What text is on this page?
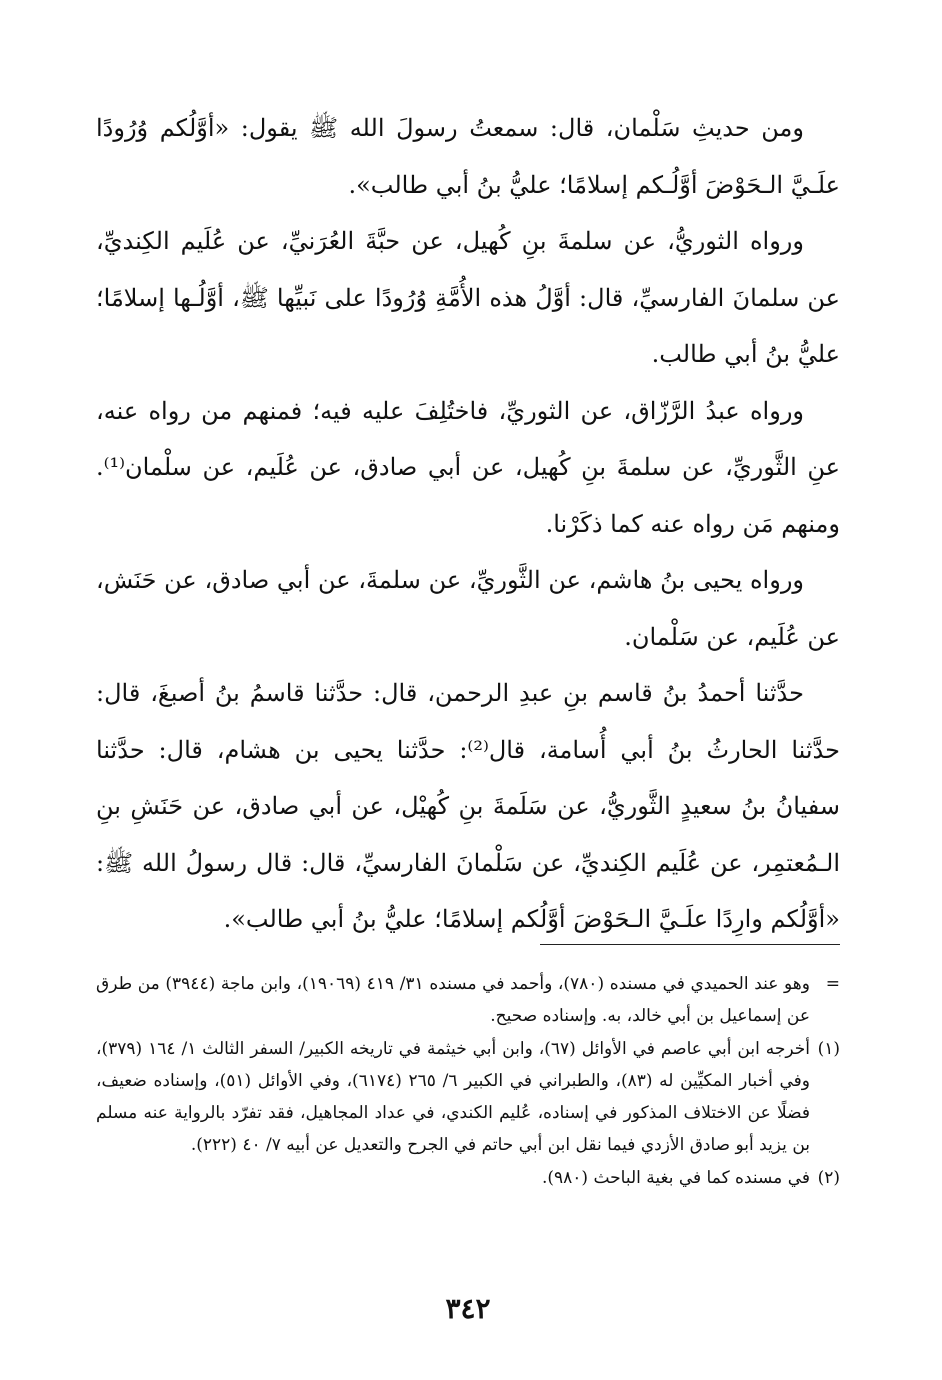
ومن حديثِ سَلْمان، قال: سمعتُ رسولَ الله ﷺ يقول: «أوَّلُكم وُرُودًا علَـيَّ الـحَوْضَ أوَّلُـكم إسلامًا؛ عليُّ بنُ أبي طالب».

ورواه الثوريُّ، عن سلمةَ بنِ كُهيل، عن حبَّةَ العُرَنيِّ، عن عُلَيم الكِنديِّ، عن سلمانَ الفارسيِّ، قال: أوَّلُ هذه الأُمَّةِ وُرُودًا على نَبيِّها ﷺ، أوَّلُـها إسلامًا؛ عليُّ بنُ أبي طالب.

ورواه عبدُ الرَّزّاق، عن الثوريِّ، فاختُلِفَ عليه فيه؛ فمنهم من رواه عنه، عنِ الثَّوريِّ، عن سلمةَ بنِ كُهيل، عن أبي صادق، عن عُلَيم، عن سلْمان⁽¹⁾. ومنهم مَن رواه عنه كما ذكَرْنا.

ورواه يحيى بنُ هاشم، عن الثَّوريِّ، عن سلمةَ، عن أبي صادق، عن حَنَش، عن عُلَيم، عن سَلْمان.

حدَّثنا أحمدُ بنُ قاسم بنِ عبدِ الرحمن، قال: حدَّثنا قاسمُ بنُ أصبغَ، قال: حدَّثنا الحارثُ بنُ أبي أُسامة، قال⁽²⁾: حدَّثنا يحيى بن هشام، قال: حدَّثنا سفيانُ بنُ سعيدٍ الثَّوريُّ، عن سَلَمةَ بنِ كُهيْل، عن أبي صادق، عن حَنَشِ بنِ الـمُعتمِر، عن عُلَيم الكِنديِّ، عن سَلْمانَ الفارسيِّ، قال: قال رسولُ الله ﷺ: «أوَّلُكم وارِدًا علَـيَّ الـحَوْضَ أوَّلُكم إسلامًا؛ عليُّ بنُ أبي طالب».

=وهو عند الحميدي في مسنده (٧٨٠)، وأحمد في مسنده ٣١/ ٤١٩ (١٩٠٦٩)، وابن ماجة (٣٩٤٤) من طرق عن إسماعيل بن أبي خالد، به. وإسناده صحيح.

(١)أخرجه ابن أبي عاصم في الأوائل (٦٧)، وابن أبي خيثمة في تاريخه الكبير/ السفر الثالث ١/ ١٦٤ (٣٧٩)، وفي أخبار المكيِّين له (٨٣)، والطبراني في الكبير ٦/ ٢٦٥ (٦١٧٤)، وفي الأوائل (٥١)، وإسناده ضعيف، فضلًا عن الاختلاف المذكور في إسناده، عُليم الكندي، في عداد المجاهيل، فقد تفرّد بالرواية عنه مسلم بن يزيد أبو صادق الأزدي فيما نقل ابن أبي حاتم في الجرح والتعديل عن أبيه ٧/ ٤٠ (٢٢٢).

(٢)في مسنده كما في بغية الباحث (٩٨٠).

٣٤٢
